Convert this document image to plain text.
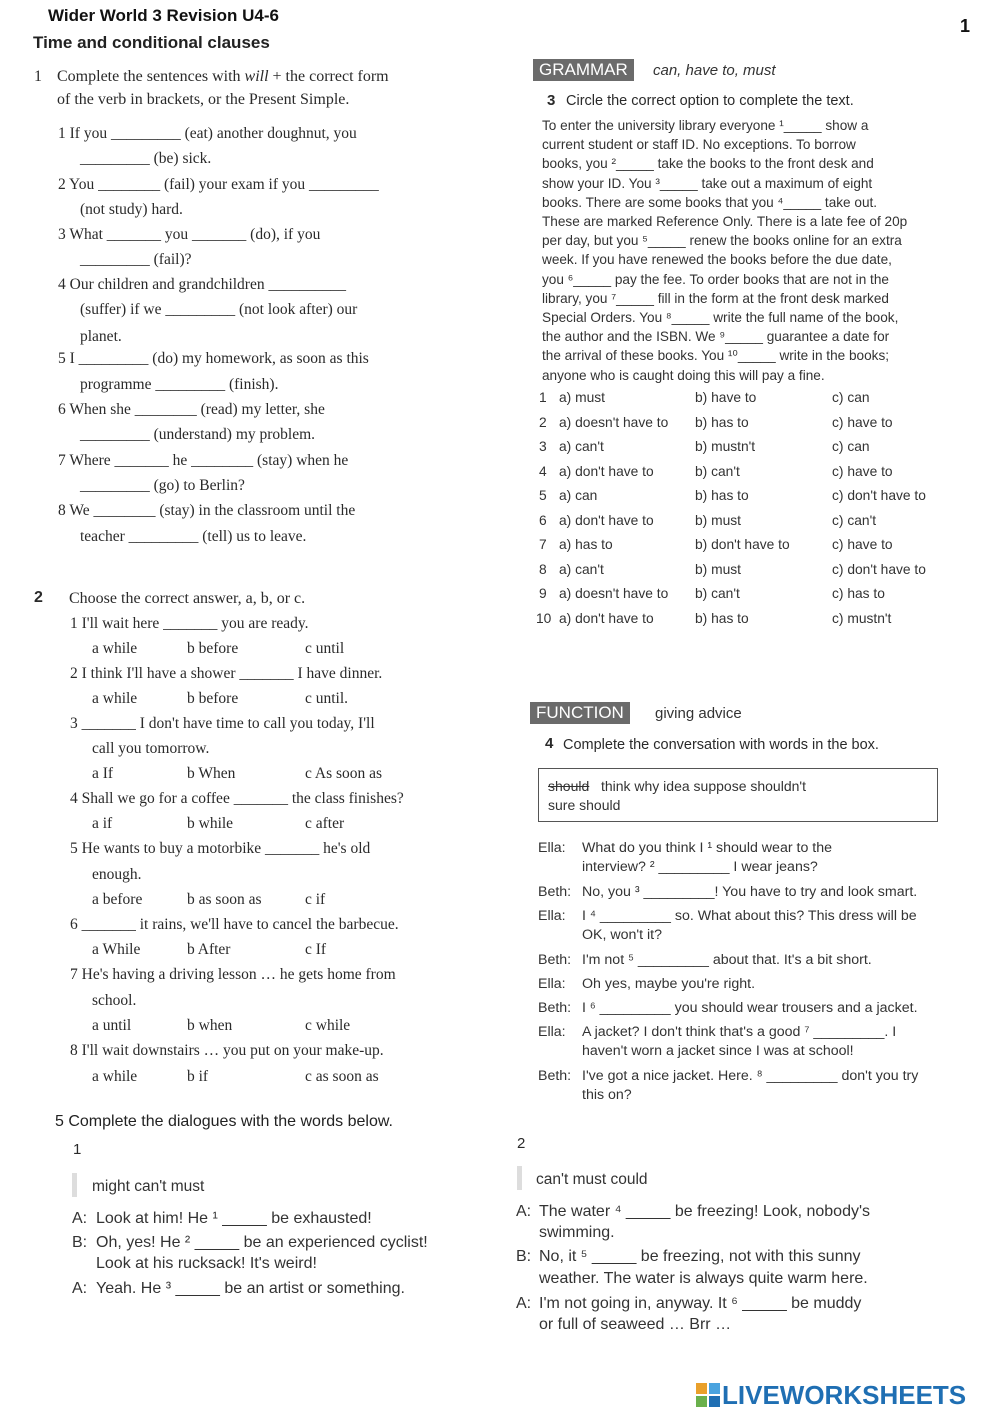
Wider World 3 Revision U4-6
1
Time and conditional clauses
1 Complete the sentences with will + the correct form
of the verb in brackets, or the Present Simple.
1 If you _________ (eat) another doughnut, you
_________ (be) sick.
2 You ________ (fail) your exam if you _________
(not study) hard.
3 What _______ you _______ (do), if you
_________ (fail)?
4 Our children and grandchildren __________
(suffer) if we _________ (not look after) our
planet.
5 I _________ (do) my homework, as soon as this
programme _________ (finish).
6 When she ________ (read) my letter, she
_________ (understand) my problem.
7 Where _______ he ________ (stay) when he
_________ (go) to Berlin?
8 We ________ (stay) in the classroom until the
teacher _________ (tell) us to leave.
2 Choose the correct answer, a, b, or c.
1 I'll wait here _______ you are ready.
a while	b before	c until
2 I think I'll have a shower _______ I have dinner.
a while	b before	c until.
3 _______ I don't have time to call you today, I'll
call you tomorrow.
a If	b When	c As soon as
4 Shall we go for a coffee _______ the class finishes?
a if	b while	c after
5 He wants to buy a motorbike _______ he's old
enough.
a before	b as soon as	c if
6 _______ it rains, we'll have to cancel the barbecue.
a While	b After	c If
7 He's having a driving lesson … he gets home from
school.
a until	b when	c while
8 I'll wait downstairs … you put on your make-up.
a while	b if	c as soon as
GRAMMAR	can, have to, must
3 Circle the correct option to complete the text.
To enter the university library everyone ¹_____ show a
current student or staff ID. No exceptions. To borrow
books, you ²_____ take the books to the front desk and
show your ID. You ³_____ take out a maximum of eight
books. There are some books that you ⁴_____ take out.
These are marked Reference Only. There is a late fee of 20p
per day, but you ⁵_____ renew the books online for an extra
week. If you have renewed the books before the due date,
you ⁶_____ pay the fee. To order books that are not in the
library, you ⁷_____ fill in the form at the front desk marked
Special Orders. You ⁸_____ write the full name of the book,
the author and the ISBN. We ⁹_____ guarantee a date for
the arrival of these books. You ¹⁰_____ write in the books;
anyone who is caught doing this will pay a fine.
1 a) must	b) have to	c) can
2 a) doesn't have to b) has to	c) have to
3 a) can't	b) mustn't	c) can
4 a) don't have to	b) can't	c) have to
5 a) can	b) has to	c) don't have to
6 a) don't have to	b) must	c) can't
7 a) has to	b) don't have to	c) have to
8 a) can't	b) must	c) don't have to
9 a) doesn't have to b) can't	c) has to
10 a) don't have to	b) has to	c) mustn't
FUNCTION	giving advice
4 Complete the conversation with words in the box.
should think why idea suppose shouldn't
sure should
Ella: What do you think I ¹ should wear to the
interview? ² _________ I wear jeans?
Beth: No, you ³ _________! You have to try and look smart.
Ella: I ⁴ _________ so. What about this? This dress will be
OK, won't it?
Beth: I'm not ⁵ _________ about that. It's a bit short.
Ella: Oh yes, maybe you're right.
Beth: I ⁶ _________ you should wear trousers and a jacket.
Ella: A jacket? I don't think that's a good ⁷ _________. I
haven't worn a jacket since I was at school!
Beth: I've got a nice jacket. Here. ⁸ _________ don't you try
this on?
5 Complete the dialogues with the words below.
1
might can't must
A: Look at him! He ¹ _____ be exhausted!
B: Oh, yes! He ² _____ be an experienced cyclist!
Look at his rucksack! It's weird!
A: Yeah. He ³ _____ be an artist or something.
2
can't must could
A: The water ⁴ _____ be freezing! Look, nobody's
swimming.
B: No, it ⁵ _____ be freezing, not with this sunny
weather. The water is always quite warm here.
A: I'm not going in, anyway. It ⁶ _____ be muddy
or full of seaweed … Brr …
LIVEWORKSHEETS
